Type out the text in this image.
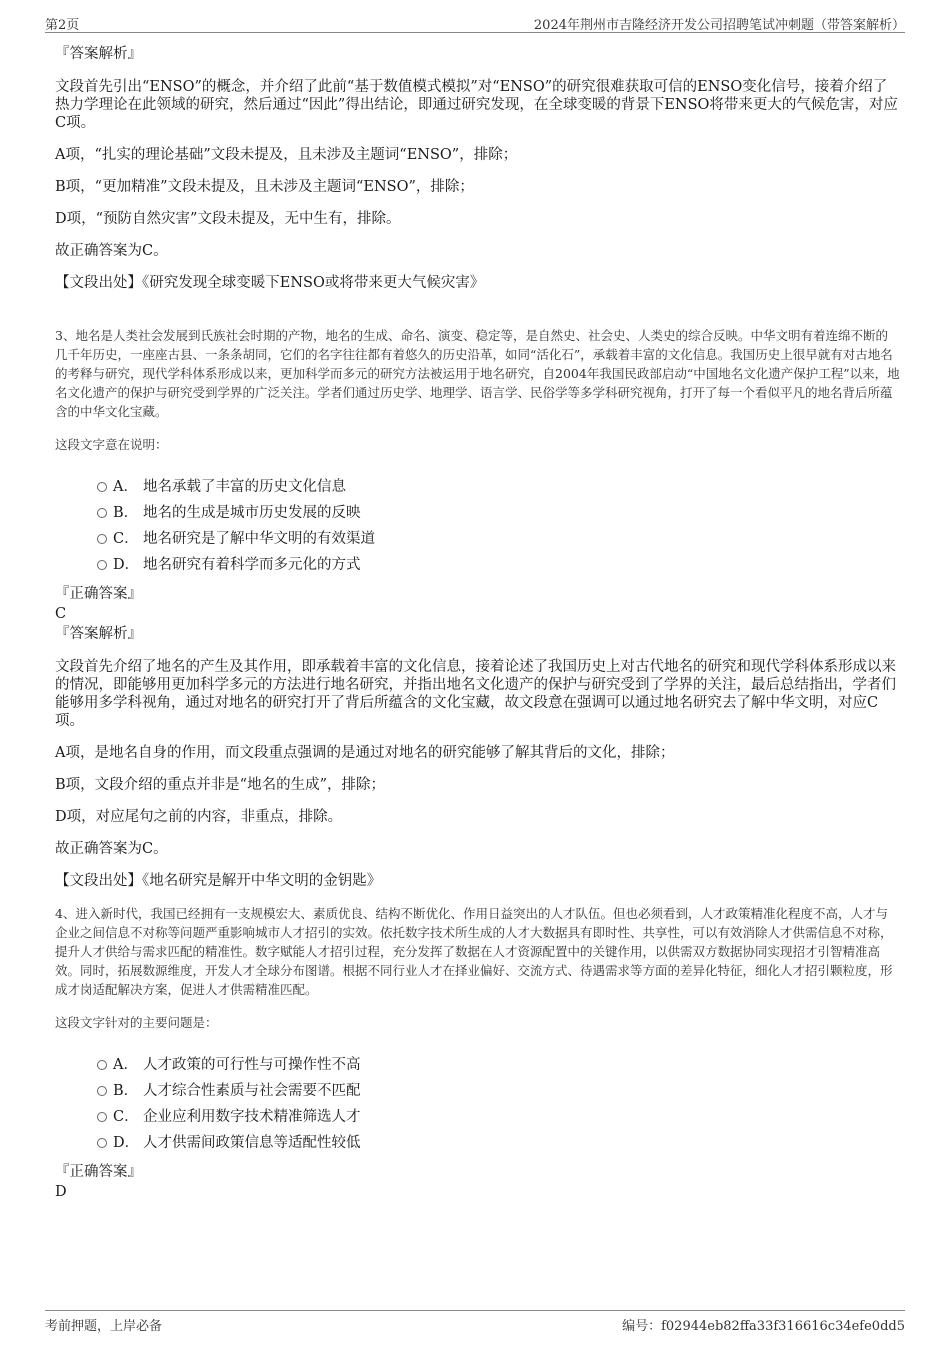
第2页	2024年荆州市吉隆经济开发公司招聘笔试冲刺题（带答案解析）
『答案解析』

文段首先引出“ENSO”的概念，并介绍了此前“基于数值模式模拟”对“ENSO”的研究很难获取可信的ENSO变化信号，接着介绍了热力学理论在此领域的研究，然后通过“因此”得出结论，即通过研究发现，在全球变暖的背景下ENSO将带来更大的气候危害，对应C项。

A项，“扎实的理论基础”文段未提及，且未涉及主题词“ENSO”，排除；

B项，“更加精准”文段未提及，且未涉及主题词“ENSO”，排除；

D项，“预防自然灾害”文段未提及，无中生有，排除。

故正确答案为C。

【文段出处】《研究发现全球变暖下ENSO或将带来更大气候灾害》

3、地名是人类社会发展到氏族社会时期的产物，地名的生成、命名、演变、稳定等，是自然史、社会史、人类史的综合反映。中华文明有着连绵不断的几千年历史，一座座古县、一条条胡同，它们的名字往往都有着悠久的历史沿革，如同“活化石”，承载着丰富的文化信息。我国历史上很早就有对古地名的考释与研究，现代学科体系形成以来，更加科学而多元的研究方法被运用于地名研究，自2004年我国民政部启动“中国地名文化遗产保护工程”以来，地名文化遗产的保护与研究受到学界的广泛关注。学者们通过历史学、地理学、语言学、民俗学等多学科研究视角，打开了每一个看似平凡的地名背后所蕴含的中华文化宝藏。

这段文字意在说明：

A． 地名承载了丰富的历史文化信息
B． 地名的生成是城市历史发展的反映
C． 地名研究是了解中华文明的有效渠道
D． 地名研究有着科学而多元化的方式
『正确答案』
C
『答案解析』

文段首先介绍了地名的产生及其作用，即承载着丰富的文化信息，接着论述了我国历史上对古代地名的研究和现代学科体系形成以来的情况，即能够用更加科学多元的方法进行地名研究，并指出地名文化遗产的保护与研究受到了学界的关注，最后总结指出，学者们能够用多学科视角，通过对地名的研究打开了背后所蕴含的文化宝藏，故文段意在强调可以通过地名研究去了解中华文明，对应C项。

A项，是地名自身的作用，而文段重点强调的是通过对地名的研究能够了解其背后的文化，排除；

B项，文段介绍的重点并非是“地名的生成”，排除；

D项，对应尾句之前的内容，非重点，排除。

故正确答案为C。

【文段出处】《地名研究是解开中华文明的金钥匙》

4、进入新时代，我国已经拥有一支规模宏大、素质优良、结构不断优化、作用日益突出的人才队伍。但也必须看到，人才政策精准化程度不高，人才与企业之间信息不对称等问题严重影响城市人才招引的实效。依托数字技术所生成的人才大数据具有即时性、共享性，可以有效消除人才供需信息不对称，提升人才供给与需求匹配的精准性。数字赋能人才招引过程，充分发挥了数据在人才资源配置中的关键作用，以供需双方数据协同实现招才引智精准高效。同时，拓展数源维度，开发人才全球分布图谱。根据不同行业人才在择业偏好、交流方式、待遇需求等方面的差异化特征，细化人才招引颗粒度，形成才岗适配解决方案，促进人才供需精准匹配。

这段文字针对的主要问题是：

A． 人才政策的可行性与可操作性不高
B． 人才综合性素质与社会需要不匹配
C． 企业应利用数字技术精准筛选人才
D． 人才供需间政策信息等适配性较低
『正确答案』
D
考前押题，上岸必备	编号：f02944eb82ffa33f316616c34efe0dd5
